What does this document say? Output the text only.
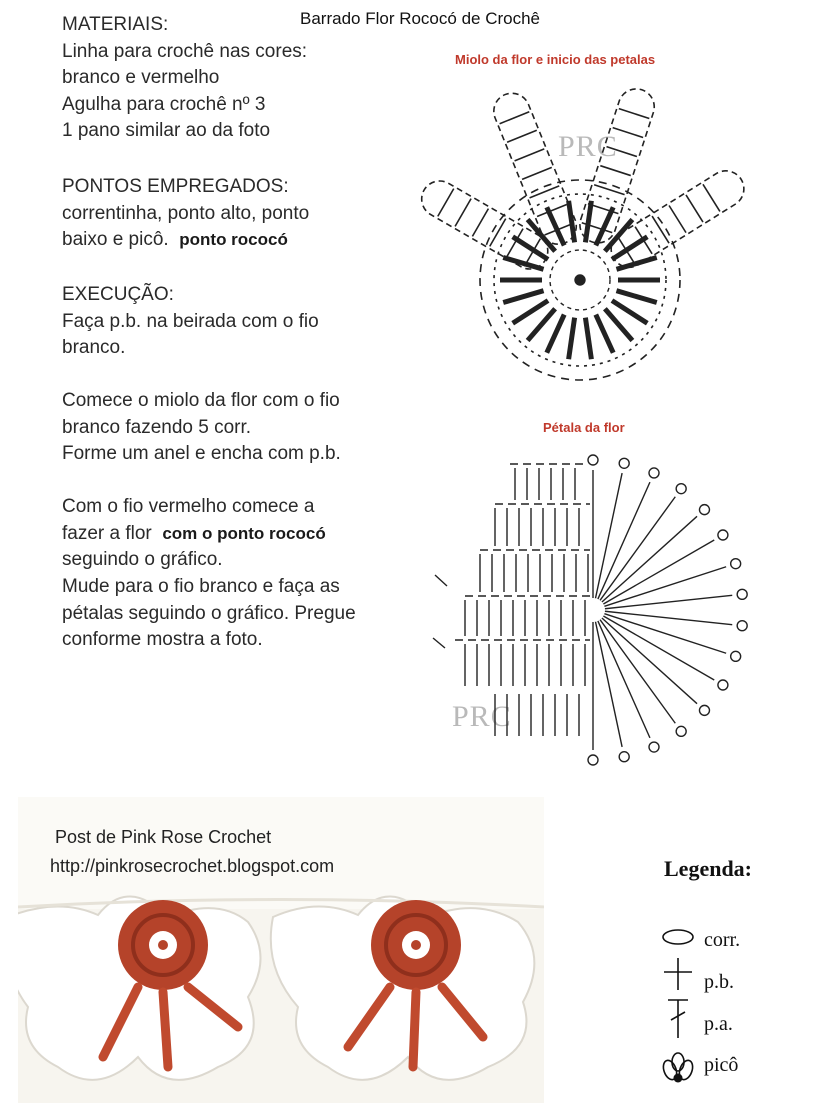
Barrado Flor Rococó de Crochê
MATERIAIS:
Linha para crochê nas cores:
branco e vermelho
Agulha para crochê nº 3
1 pano similar ao da foto
PONTOS EMPREGADOS:
correntinha, ponto alto, ponto
baixo e picô. ponto rococó
EXECUÇÃO:
Faça p.b. na beirada com o fio
branco.
Comece o miolo da flor com o fio
branco fazendo 5 corr.
Forme um anel e encha com p.b.
Com o fio vermelho comece a
fazer a flor com o ponto rococó
seguindo o gráfico.
Mude para o fio branco e faça as
pétalas seguindo o gráfico. Pregue
conforme mostra a foto.
Miolo da flor e inicio das petalas
PRC
Pétala da flor
PRC
Post de Pink Rose Crochet
http://pinkrosecrochet.blogspot.com	Legenda:
corr.
p.b.
p.a.
picô
